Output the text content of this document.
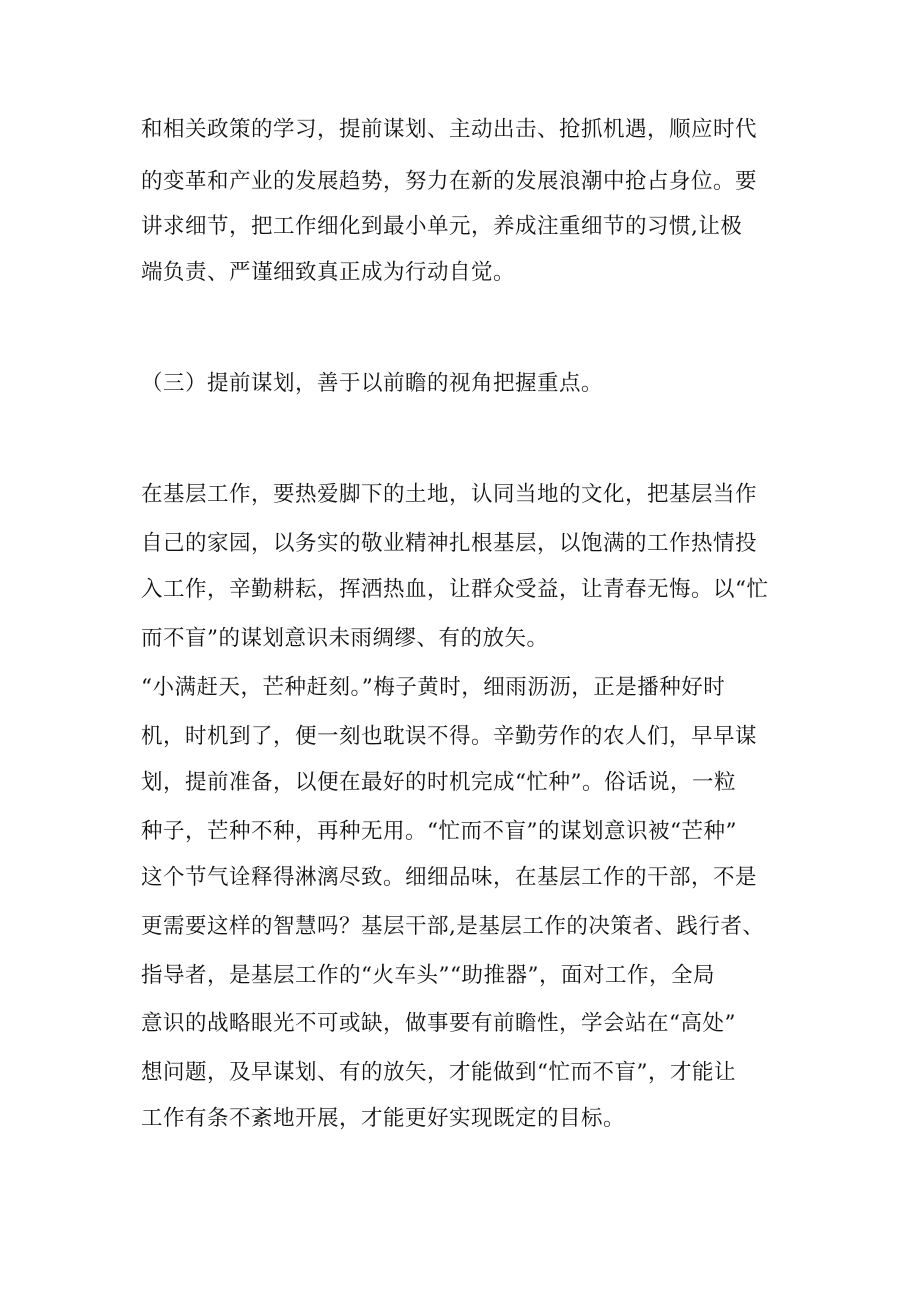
和相关政策的学习，提前谋划、主动出击、抢抓机遇，顺应时代
的变革和产业的发展趋势，努力在新的发展浪潮中抢占身位。要
讲求细节，把工作细化到最小单元，养成注重细节的习惯,让极
端负责、严谨细致真正成为行动自觉。
（三）提前谋划，善于以前瞻的视角把握重点。
在基层工作，要热爱脚下的土地，认同当地的文化，把基层当作
自己的家园，以务实的敬业精神扎根基层，以饱满的工作热情投
入工作，辛勤耕耘，挥洒热血，让群众受益，让青春无悔。以“忙
而不盲”的谋划意识未雨绸缪、有的放矢。
“小满赶天，芒种赶刻。”梅子黄时，细雨沥沥，正是播种好时
机，时机到了，便一刻也耽误不得。辛勤劳作的农人们，早早谋
划，提前准备，以便在最好的时机完成“忙种”。俗话说，一粒
种子，芒种不种，再种无用。“忙而不盲”的谋划意识被“芒种”
这个节气诠释得淋漓尽致。细细品味，在基层工作的干部，不是
更需要这样的智慧吗？基层干部,是基层工作的决策者、践行者、
指导者，是基层工作的“火车头”“助推器”，面对工作，全局
意识的战略眼光不可或缺，做事要有前瞻性，学会站在“高处”
想问题，及早谋划、有的放矢，才能做到“忙而不盲”，才能让
工作有条不紊地开展，才能更好实现既定的目标。
